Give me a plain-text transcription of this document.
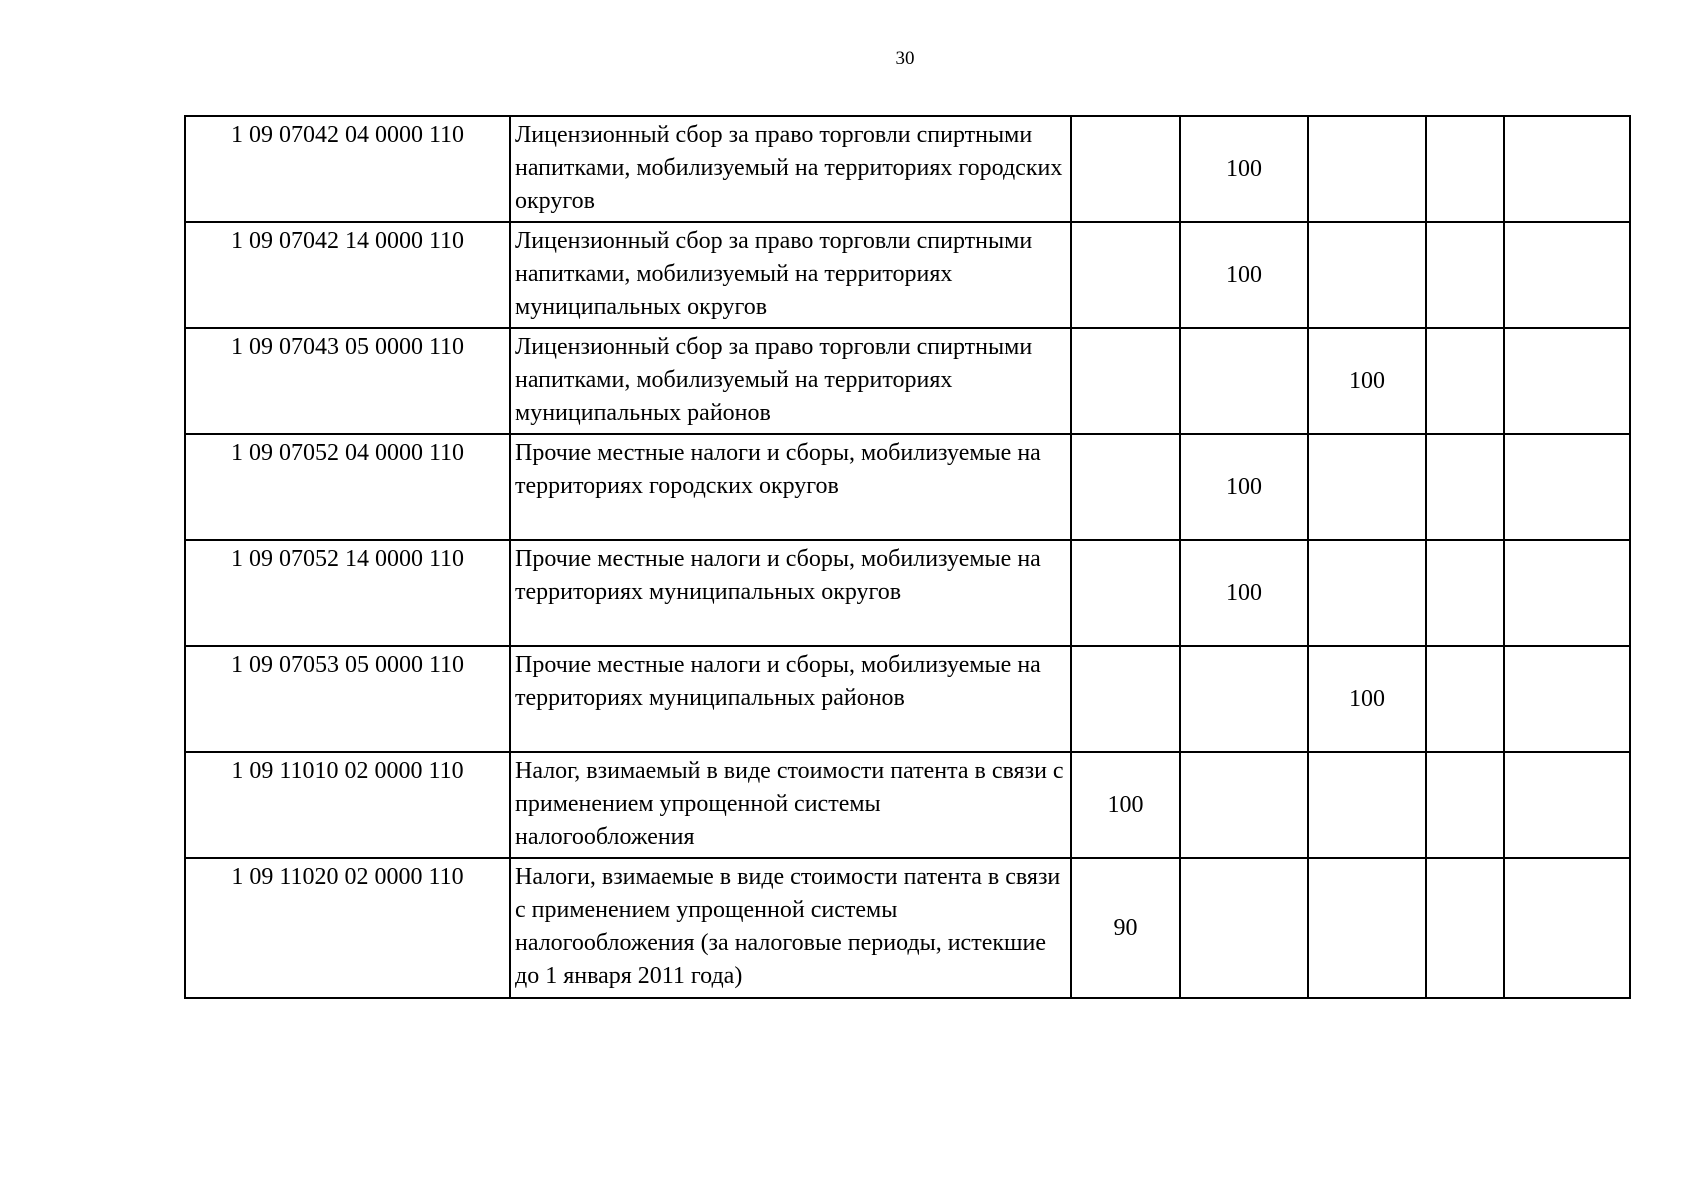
30
1 09 07042 04 0000 110	Лицензионный сбор за право торговли спиртными напитками, мобилизуемый на территориях городских округов		100			
1 09 07042 14 0000 110	Лицензионный сбор за право торговли спиртными напитками, мобилизуемый на территориях муниципальных округов		100			
1 09 07043 05 0000 110	Лицензионный сбор за право торговли спиртными напитками, мобилизуемый на территориях муниципальных районов			100		
1 09 07052 04 0000 110	Прочие местные налоги и сборы, мобилизуемые на территориях городских округов		100			
1 09 07052 14 0000 110	Прочие местные налоги и сборы, мобилизуемые на территориях муниципальных округов		100			
1 09 07053 05 0000 110	Прочие местные налоги и сборы, мобилизуемые на территориях муниципальных районов			100		
1 09 11010 02 0000 110	Налог, взимаемый в виде стоимости патента в связи с применением упрощенной системы налогообложения	100				
1 09 11020 02 0000 110	Налоги, взимаемые в виде стоимости патента в связи с применением упрощенной системы налогообложения (за налоговые периоды, истекшие до 1 января 2011 года)	90				
